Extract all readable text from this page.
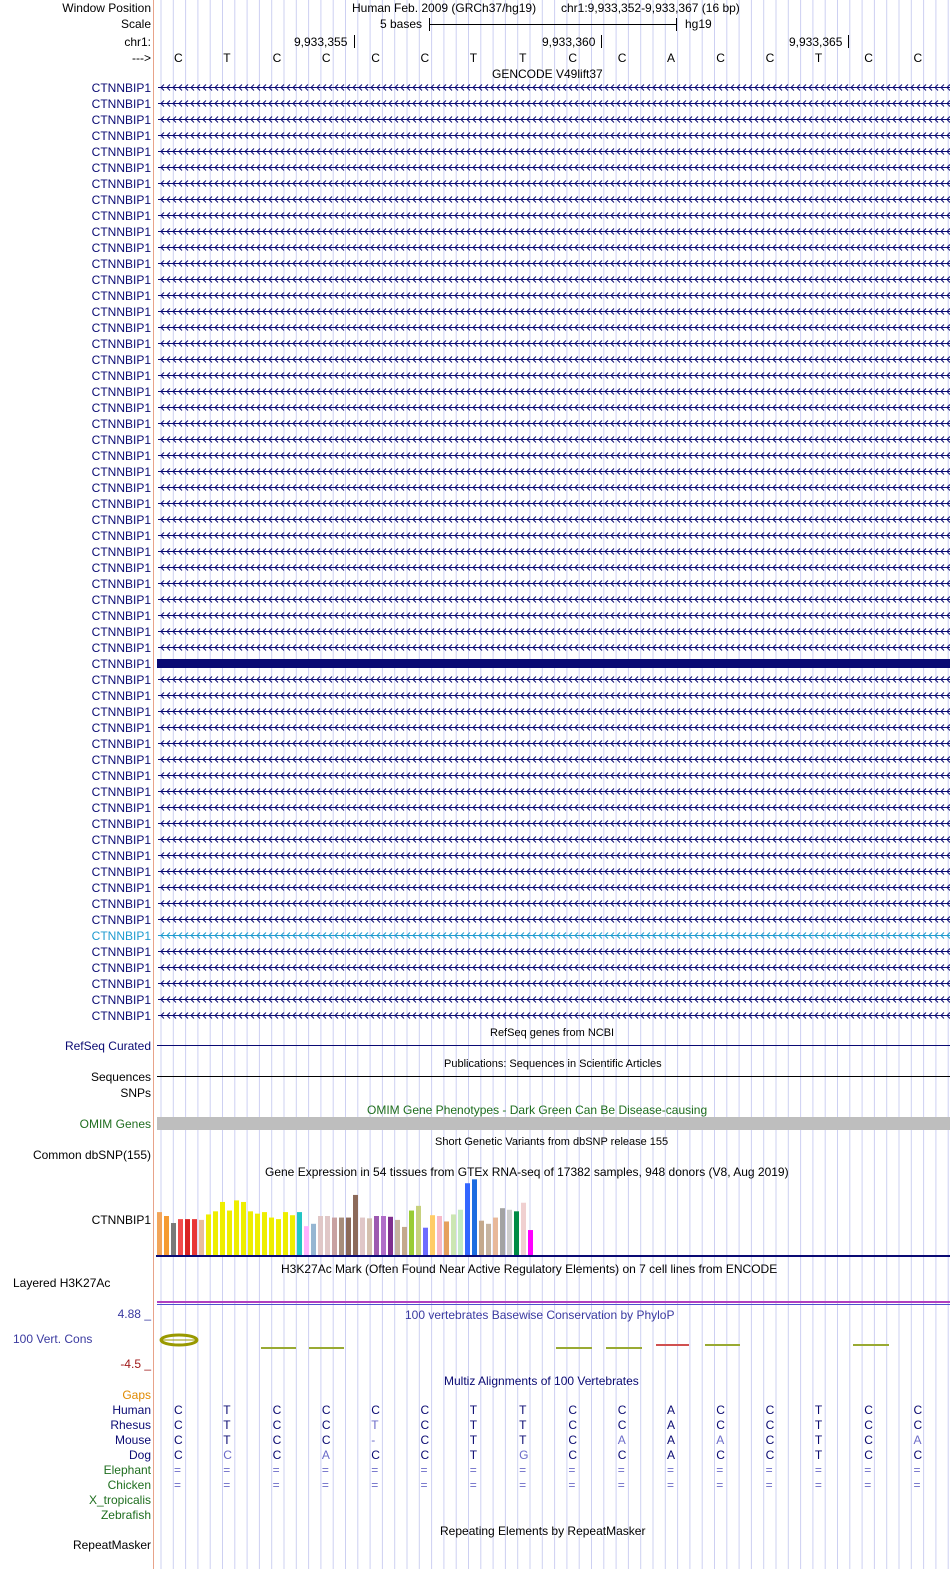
Window Position
Scale
chr1:
--->
Human Feb. 2009 (GRCh37/hg19) chr1:9,933,352-9,933,367 (16 bp)
5 bases	hg19
9,933,355	9,933,360	9,933,365
C	T	C	C	C	C	T	T	C	C	A	C	C	T	C	C
GENCODE V49lift37
CTNNBIP1
CTNNBIP1
CTNNBIP1
CTNNBIP1
CTNNBIP1
CTNNBIP1
CTNNBIP1
CTNNBIP1
CTNNBIP1
CTNNBIP1
CTNNBIP1
CTNNBIP1
CTNNBIP1
CTNNBIP1
CTNNBIP1
CTNNBIP1
CTNNBIP1
CTNNBIP1
CTNNBIP1
CTNNBIP1
CTNNBIP1
CTNNBIP1
CTNNBIP1
CTNNBIP1
CTNNBIP1
CTNNBIP1
CTNNBIP1
CTNNBIP1
CTNNBIP1
CTNNBIP1
CTNNBIP1
CTNNBIP1
CTNNBIP1
CTNNBIP1
CTNNBIP1
CTNNBIP1
CTNNBIP1
CTNNBIP1
CTNNBIP1
CTNNBIP1
CTNNBIP1
CTNNBIP1
CTNNBIP1
CTNNBIP1
CTNNBIP1
CTNNBIP1
CTNNBIP1
CTNNBIP1
CTNNBIP1
CTNNBIP1
CTNNBIP1
CTNNBIP1
CTNNBIP1
CTNNBIP1
CTNNBIP1
CTNNBIP1
CTNNBIP1
CTNNBIP1
CTNNBIP1
RefSeq genes from NCBI
RefSeq Curated
Publications: Sequences in Scientific Articles
Sequences
SNPs
OMIM Gene Phenotypes - Dark Green Can Be Disease-causing
OMIM Genes
Short Genetic Variants from dbSNP release 155
Common dbSNP(155)
Gene Expression in 54 tissues from GTEx RNA-seq of 17382 samples, 948 donors (V8, Aug 2019)
CTNNBIP1
H3K27Ac Mark (Often Found Near Active Regulatory Elements) on 7 cell lines from ENCODE
Layered H3K27Ac
100 vertebrates Basewise Conservation by PhyloP
4.88 _
100 Vert. Cons
-4.5 _
Multiz Alignments of 100 Vertebrates
Gaps
Human C	T	C	C	C	C	T	T	C	C	A	C	C	T	C	C
Rhesus C	T	C	C	T	C	T	T	C	C	A	C	C	T	C	C
Mouse C	T	C	C	-	C	T	T	C	A	A	A	C	T	C	A
Dog C	C	C	A	C	C	T	G	C	C	A	C	C	T	C	C
Elephant =	=	=	=	=	=	=	=	=	=	=	=	=	=	=	=
Chicken =	=	=	=	=	=	=	=	=	=	=	=	=	=	=	=
X_tropicalis
Zebrafish
Repeating Elements by RepeatMasker
RepeatMasker
